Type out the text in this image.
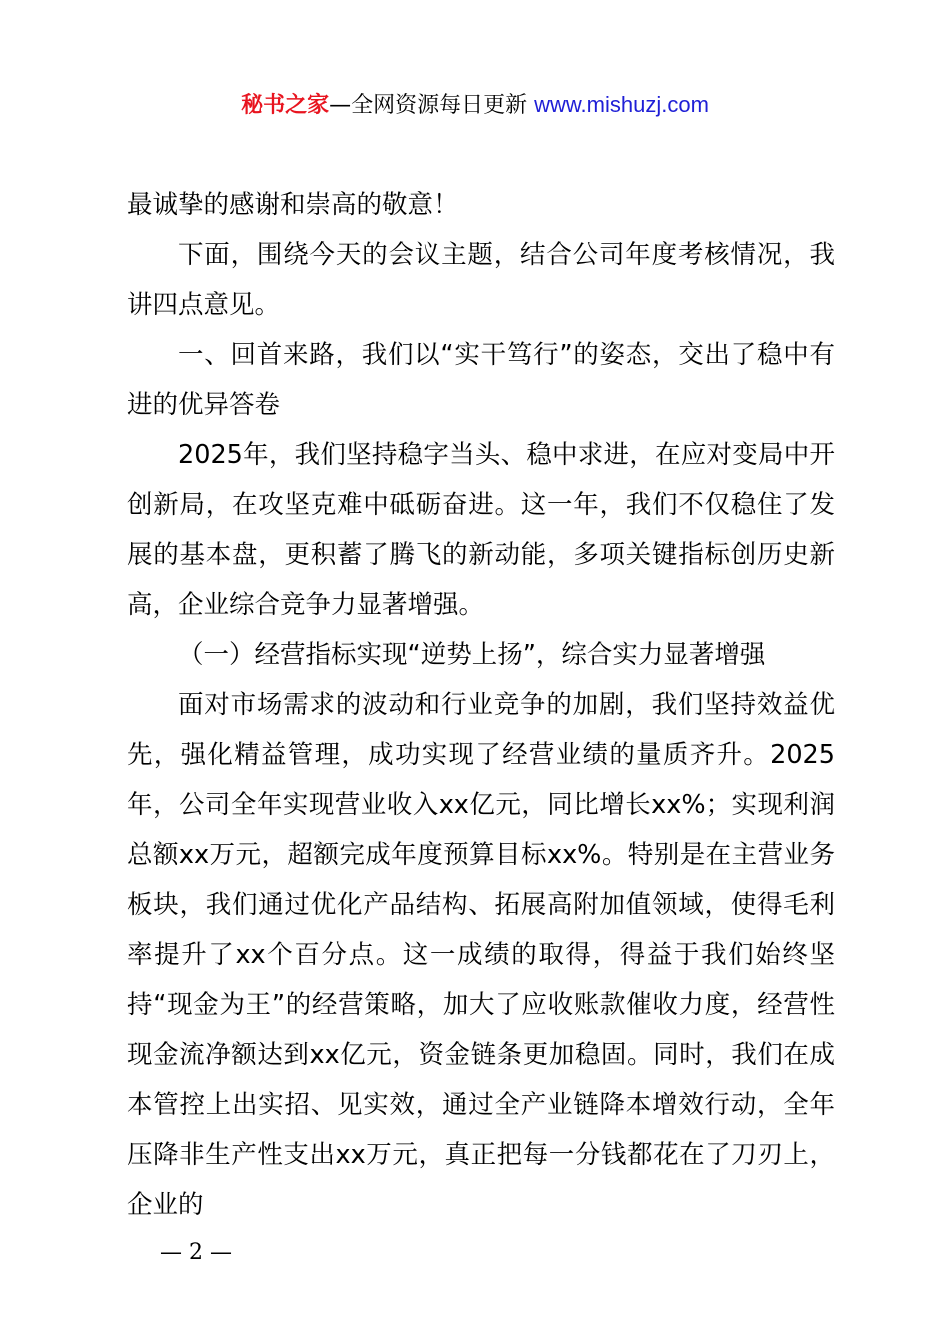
秘书之家—全网资源每日更新 www.mishuzj.com

最诚挚的感谢和崇高的敬意！

下面，围绕今天的会议主题，结合公司年度考核情况，我讲四点意见。

一、回首来路，我们以“实干笃行”的姿态，交出了稳中有进的优异答卷

2025年，我们坚持稳字当头、稳中求进，在应对变局中开创新局，在攻坚克难中砥砺奋进。这一年，我们不仅稳住了发展的基本盘，更积蓄了腾飞的新动能，多项关键指标创历史新高，企业综合竞争力显著增强。

（一）经营指标实现“逆势上扬”，综合实力显著增强

面对市场需求的波动和行业竞争的加剧，我们坚持效益优先，强化精益管理，成功实现了经营业绩的量质齐升。2025年，公司全年实现营业收入xx亿元，同比增长xx%；实现利润总额xx万元，超额完成年度预算目标xx%。特别是在主营业务板块，我们通过优化产品结构、拓展高附加值领域，使得毛利率提升了xx个百分点。这一成绩的取得，得益于我们始终坚持“现金为王”的经营策略，加大了应收账款催收力度，经营性现金流净额达到xx亿元，资金链条更加稳固。同时，我们在成本管控上出实招、见实效，通过全产业链降本增效行动，全年压降非生产性支出xx万元，真正把每一分钱都花在了刀刃上，企业的

— 2 —
